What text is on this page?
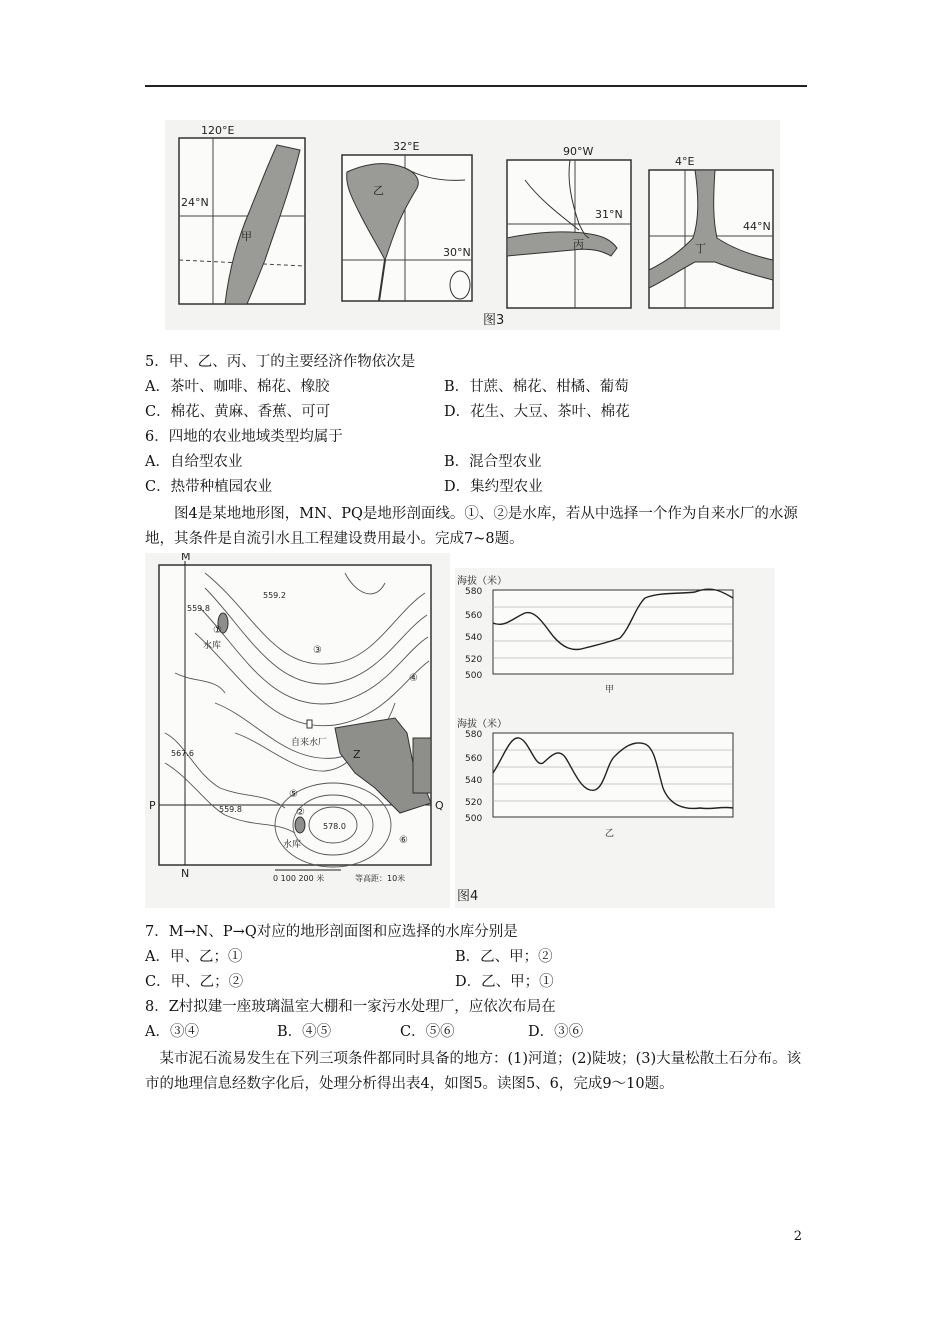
120°E
24°N
甲
32°E
30°N
乙
90°W
31°N
丙
4°E
44°N
丁
图3
5．甲、乙、丙、丁的主要经济作物依次是
A．茶叶、咖啡、棉花、橡胶	B．甘蔗、棉花、柑橘、葡萄
C．棉花、黄麻、香蕉、可可	D．花生、大豆、茶叶、棉花
6．四地的农业地域类型均属于
A．自给型农业	B．混合型农业
C．热带种植园农业	D．集约型农业
图4是某地地形图，MN、PQ是地形剖面线。①、②是水库，若从中选择一个作为自来水厂的水源地，其条件是自流引水且工程建设费用最小。完成7~8题。
M
N
P	Q
559.2
559.8
559.8
578.0
567.6
水库
水库
自来水厂
Z
①
②
③
④
⑤
⑥
0 100 200 米	等高距：10米
海拔（米）
580
560
540
520
500
甲
海拔（米）
580
560
540
520
500
乙
图4
7．M→N、P→Q对应的地形剖面图和应选择的水库分别是
A．甲、乙；①	B．乙、甲；②
C．甲、乙；②	D．乙、甲；①
8．Z村拟建一座玻璃温室大棚和一家污水处理厂，应依次布局在
A．③④	B．④⑤	C．⑤⑥	D．③⑥
某市泥石流易发生在下列三项条件都同时具备的地方：(1)河道；(2)陡坡；(3)大量松散土石分布。该市的地理信息经数字化后，处理分析得出表4，如图5。读图5、6，完成9～10题。
2
